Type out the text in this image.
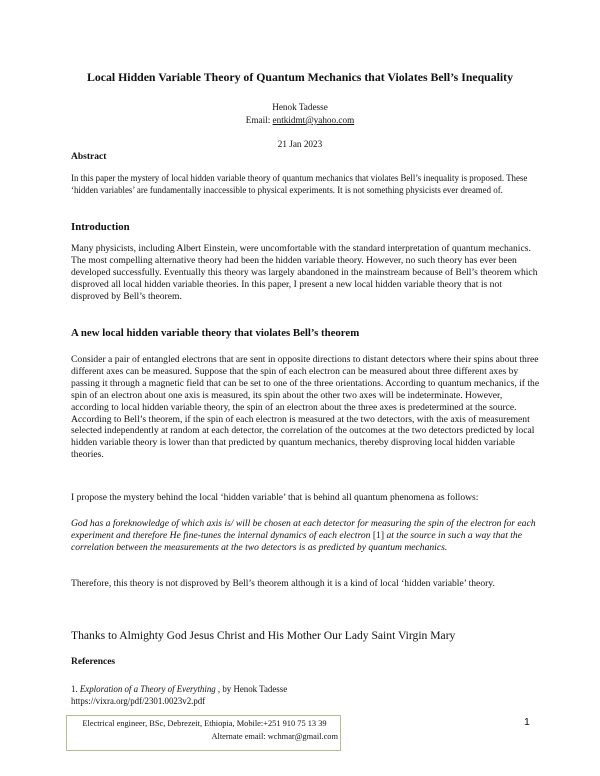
Local Hidden Variable Theory of Quantum Mechanics that Violates Bell’s Inequality
Henok Tadesse
Email: entkidmt@yahoo.com
21 Jan 2023
Abstract
In this paper the mystery of local hidden variable theory of quantum mechanics that violates Bell’s inequality is proposed. These ‘hidden variables’ are fundamentally inaccessible to physical experiments. It is not something physicists ever dreamed of.
Introduction
Many physicists, including Albert Einstein, were uncomfortable with the standard interpretation of quantum mechanics. The most compelling alternative theory had been the hidden variable theory. However, no such theory has ever been developed successfully. Eventually this theory was largely abandoned in the mainstream because of Bell’s theorem which disproved all local hidden variable theories. In this paper, I present a new local hidden variable theory that is not disproved by Bell’s theorem.
A new local hidden variable theory that violates Bell’s theorem
Consider a pair of entangled electrons that are sent in opposite directions to distant detectors where their spins about three different axes can be measured. Suppose that the spin of each electron can be measured about three different axes by passing it through a magnetic field that can be set to one of the three orientations. According to quantum mechanics, if the spin of an electron about one axis is measured, its spin about the other two axes will be indeterminate. However, according to local hidden variable theory, the spin of an electron about the three axes is predetermined at the source. According to Bell’s theorem, if the spin of each electron is measured at the two detectors, with the axis of measurement selected independently at random at each detector, the correlation of the outcomes at the two detectors predicted by local hidden variable theory is lower than that predicted by quantum mechanics, thereby disproving local hidden variable theories.
I propose the mystery behind the local ‘hidden variable’ that is behind all quantum phenomena as follows:
God has a foreknowledge of which axis is/ will be chosen at each detector for measuring the spin of the electron for each experiment and therefore He fine-tunes the internal dynamics of each electron [1] at the source in such a way that the correlation between the measurements at the two detectors is as predicted by quantum mechanics.
Therefore, this theory is not disproved by Bell’s theorem although it is a kind of local ‘hidden variable’ theory.
Thanks to Almighty God Jesus Christ and His Mother Our Lady Saint Virgin Mary
References
1. Exploration of a Theory of Everything , by Henok Tadesse
https://vixra.org/pdf/2301.0023v2.pdf
Electrical engineer, BSc, Debrezeit, Ethiopia, Mobile:+251 910 75 13 39
Alternate email: wchmar@gmail.com
1
